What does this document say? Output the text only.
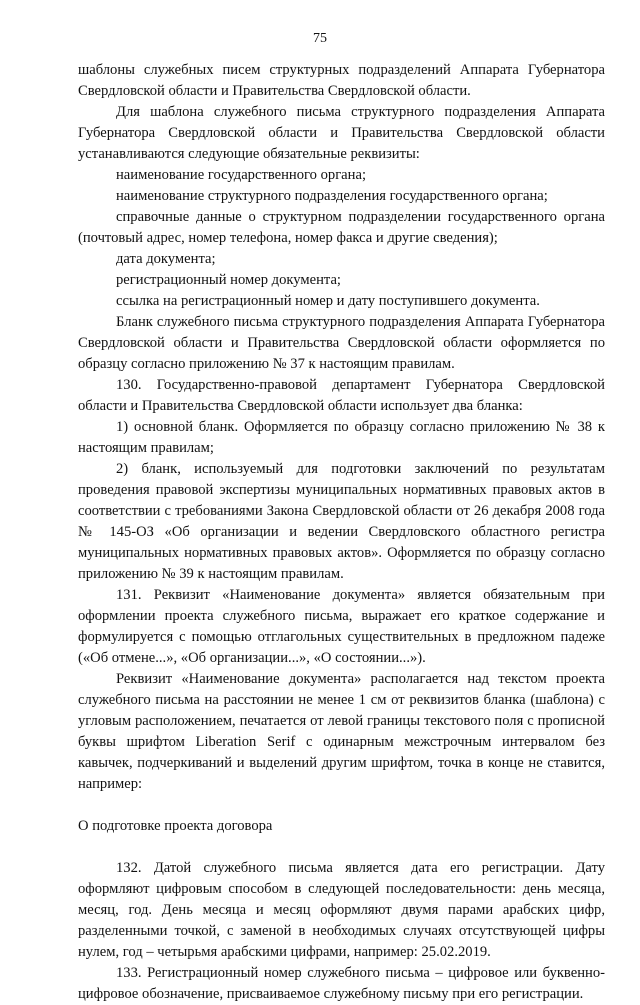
75

шаблоны служебных писем структурных подразделений Аппарата Губернатора Свердловской области и Правительства Свердловской области.

Для шаблона служебного письма структурного подразделения Аппарата Губернатора Свердловской области и Правительства Свердловской области устанавливаются следующие обязательные реквизиты:

наименование государственного органа;

наименование структурного подразделения государственного органа;

справочные данные о структурном подразделении государственного органа (почтовый адрес, номер телефона, номер факса и другие сведения);

дата документа;

регистрационный номер документа;

ссылка на регистрационный номер и дату поступившего документа.

Бланк служебного письма структурного подразделения Аппарата Губернатора Свердловской области и Правительства Свердловской области оформляется по образцу согласно приложению № 37 к настоящим правилам.

130. Государственно-правовой департамент Губернатора Свердловской области и Правительства Свердловской области использует два бланка:

1) основной бланк. Оформляется по образцу согласно приложению № 38 к настоящим правилам;

2) бланк, используемый для подготовки заключений по результатам проведения правовой экспертизы муниципальных нормативных правовых актов в соответствии с требованиями Закона Свердловской области от 26 декабря 2008 года № 145-ОЗ «Об организации и ведении Свердловского областного регистра муниципальных нормативных правовых актов». Оформляется по образцу согласно приложению № 39 к настоящим правилам.

131. Реквизит «Наименование документа» является обязательным при оформлении проекта служебного письма, выражает его краткое содержание и формулируется с помощью отглагольных существительных в предложном падеже («Об отмене...», «Об организации...», «О состоянии...»).

Реквизит «Наименование документа» располагается над текстом проекта служебного письма на расстоянии не менее 1 см от реквизитов бланка (шаблона) с угловым расположением, печатается от левой границы текстового поля с прописной буквы шрифтом Liberation Serif с одинарным межстрочным интервалом без кавычек, подчеркиваний и выделений другим шрифтом, точка в конце не ставится, например:

О подготовке проекта договора

132. Датой служебного письма является дата его регистрации. Дату оформляют цифровым способом в следующей последовательности: день месяца, месяц, год. День месяца и месяц оформляют двумя парами арабских цифр, разделенными точкой, с заменой в необходимых случаях отсутствующей цифры нулем, год – четырьмя арабскими цифрами, например: 25.02.2019.

133. Регистрационный номер служебного письма – цифровое или буквенно-цифровое обозначение, присваиваемое служебному письму при его регистрации.
